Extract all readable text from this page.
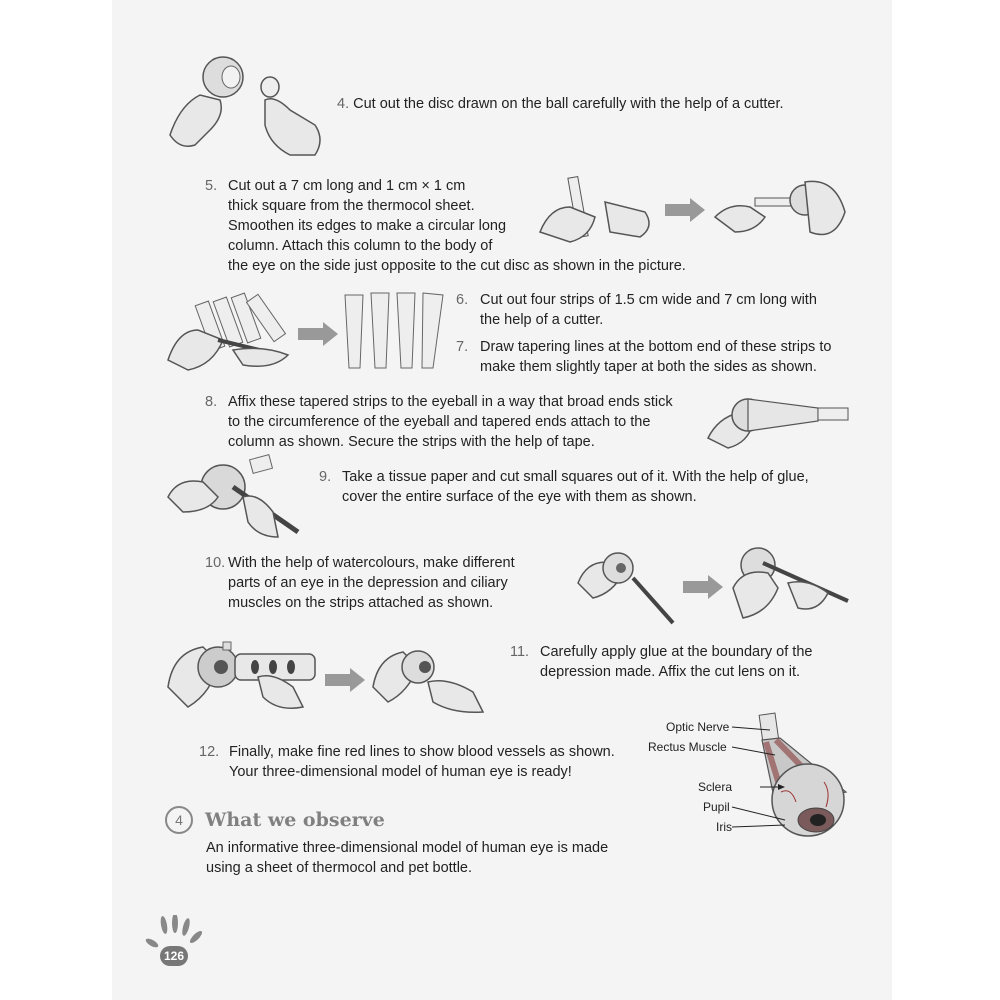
4. Cut out the disc drawn on the ball carefully with the help of a cutter.
5. Cut out a 7 cm long and 1 cm × 1 cm
thick square from the thermocol sheet.
Smoothen its edges to make a circular long
column. Attach this column to the body of
the eye on the side just opposite to the cut disc as shown in the picture.
6. Cut out four strips of 1.5 cm wide and 7 cm long with
the help of a cutter.
7. Draw tapering lines at the bottom end of these strips to
make them slightly taper at both the sides as shown.
8. Affix these tapered strips to the eyeball in a way that broad ends stick
to the circumference of the eyeball and tapered ends attach to the
column as shown. Secure the strips with the help of tape.
9. Take a tissue paper and cut small squares out of it. With the help of glue,
cover the entire surface of the eye with them as shown.
10. With the help of watercolours, make different
parts of an eye in the depression and ciliary
muscles on the strips attached as shown.
11. Carefully apply glue at the boundary of the
depression made. Affix the cut lens on it.
12. Finally, make fine red lines to show blood vessels as shown.
Your three-dimensional model of human eye is ready!
Optic Nerve
Rectus Muscle
Sclera
Pupil
Iris
4	What we observe
An informative three-dimensional model of human eye is made
using a sheet of thermocol and pet bottle.
126
